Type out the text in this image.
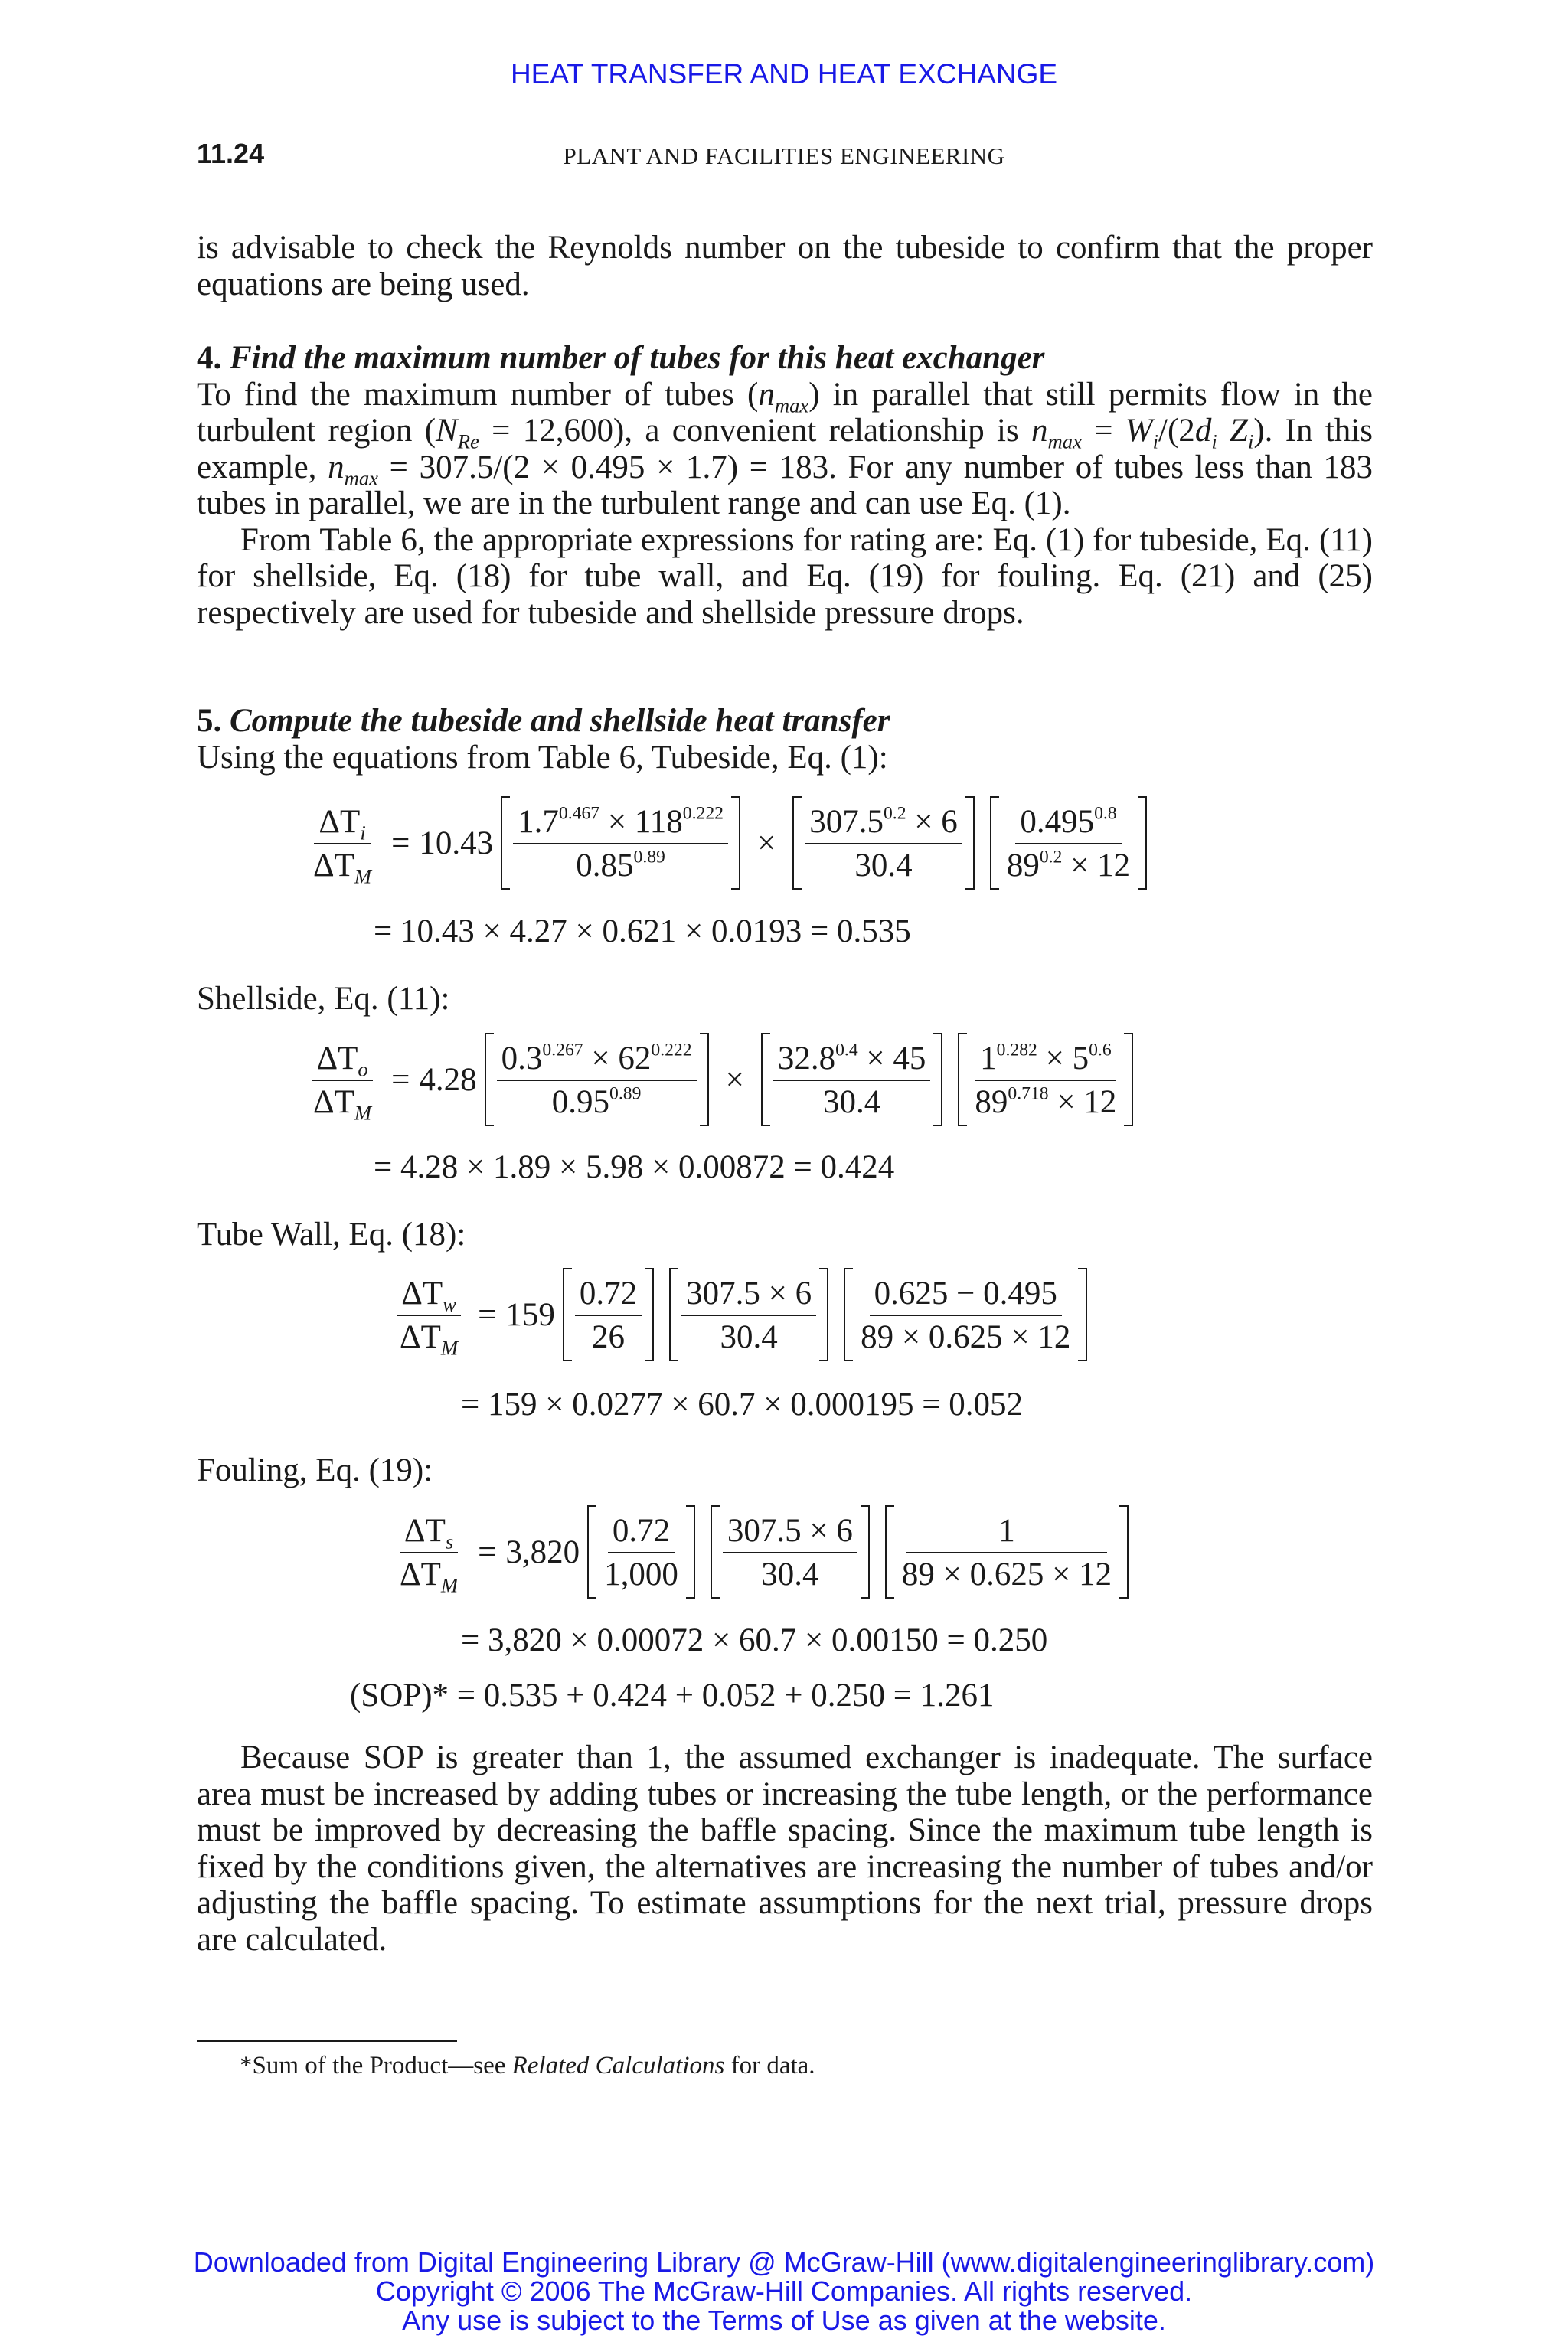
HEAT TRANSFER AND HEAT EXCHANGE
11.24	PLANT AND FACILITIES ENGINEERING

is advisable to check the Reynolds number on the tubeside to confirm that the proper equations are being used.

4. Find the maximum number of tubes for this heat exchanger

To find the maximum number of tubes $(n_{max})$ in parallel that still permits flow in the turbulent region $(N_{Re} = 12,600)$, a convenient relationship is $n_{max} = W_i/(2d_i$ $Z_i$). In this example, $n_{max} = 307.5/(2 \times 0.495 \times 1.7) = 183$. For any number of tubes less than 183 tubes in parallel, we are in the turbulent range and can use Eq. (1).

From Table 6, the appropriate expressions for rating are: Eq. (1) for tubeside, Eq. (11) for shellside, Eq. (18) for tube wall, and Eq. (19) for fouling. Eq. (21) and (25) respectively are used for tubeside and shellside pressure drops.

5. Compute the tubeside and shellside heat transfer

Using the equations from Table 6, Tubeside, Eq. (1):

$\frac{\Delta T_i}{\Delta T_M} = 10.43 \frac{1.7^{0.467} \times 118^{0.222}}{0.85^{0.89}} \times \frac{307.5^{0.2} \times 6}{30.4} \frac{0.495^{0.8}}{89^{0.2} \times 12}$
= 10.43 × 4.27 × 0.621 × 0.0193 = 0.535
Shellside, Eq. (11):
$\frac{\Delta T_o}{\Delta T_M} = 4.28 \frac{0.3^{0.267} \times 62^{0.222}}{0.95^{0.89}} \times \frac{32.8^{0.4} \times 45}{30.4} \frac{1^{0.282} \times 5^{0.6}}{89^{0.718} \times 12}$
= 4.28 × 1.89 × 5.98 × 0.00872 = 0.424
Tube Wall, Eq. (18):
$\frac{\Delta T_w}{\Delta T_M} = 159 \frac{0.72}{26} \frac{307.5 \times 6}{30.4} \frac{0.625 - 0.495}{89 \times 0.625 \times 12}$
= 159 × 0.0277 × 60.7 × 0.000195 = 0.052
Fouling, Eq. (19):
$\frac{\Delta T_s}{\Delta T_M} = 3,820 \frac{0.72}{1,000} \frac{307.5 \times 6}{30.4} \frac{1}{89 \times 0.625 \times 12}$
= 3,820 × 0.00072 × 60.7 × 0.00150 = 0.250
(SOP)* = 0.535 + 0.424 + 0.052 + 0.250 = 1.261

Because SOP is greater than 1, the assumed exchanger is inadequate. The surface area must be increased by adding tubes or increasing the tube length, or the performance must be improved by decreasing the baffle spacing. Since the maximum tube length is fixed by the conditions given, the alternatives are increasing the number of tubes and/or adjusting the baffle spacing. To estimate assumptions for the next trial, pressure drops are calculated.

*Sum of the Product—see Related Calculations for data.
Downloaded from Digital Engineering Library @ McGraw-Hill (www.digitalengineeringlibrary.com)
Copyright © 2006 The McGraw-Hill Companies. All rights reserved.
Any use is subject to the Terms of Use as given at the website.
